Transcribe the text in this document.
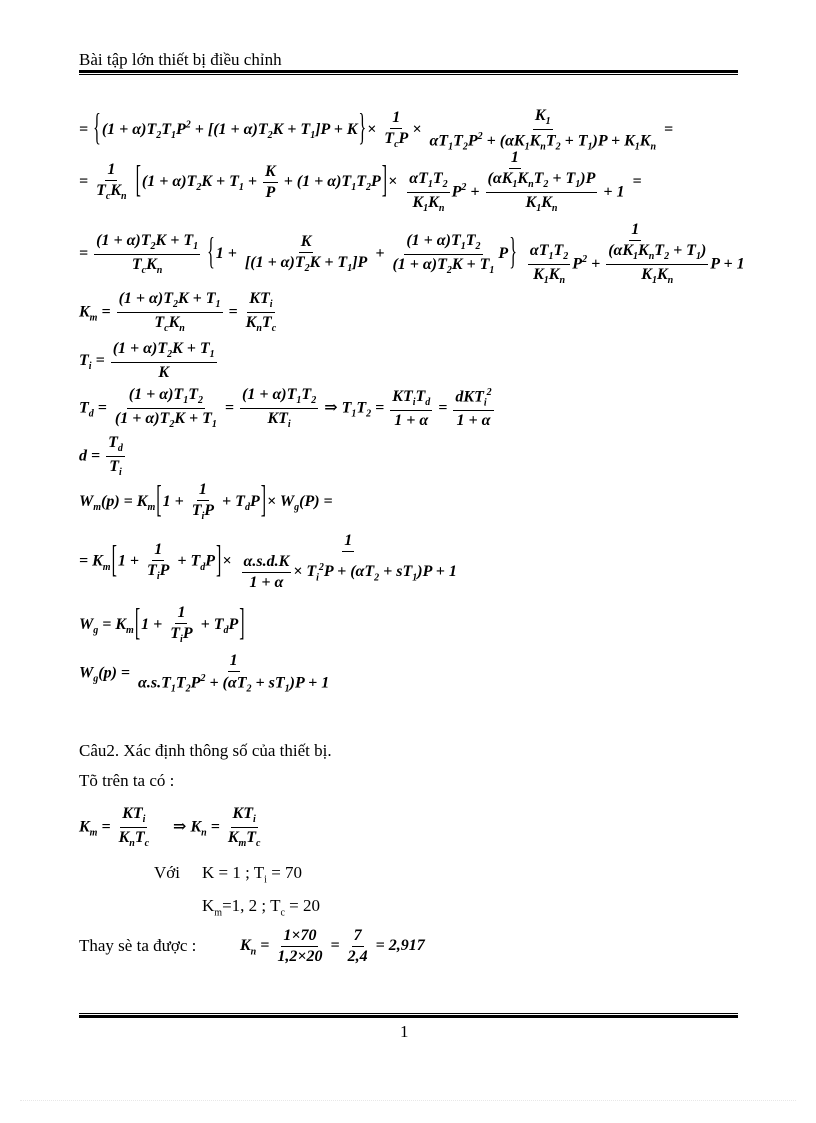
Bài tập lớn thiết bị điều chỉnh
= $\{(1 + \alpha)T_2T_1P^2 + [(1 + \alpha)T_2K + T_1]P + K\}\times$
1
$T_cP$
×
$K_1$
$\alpha T_1T_2P^2 + (\alpha K_1K_nT_2 + T_1)P + K_1K_n$
=
=
1
$T_cK_n$ $[(1 + \alpha)T_2K + T_1 + \frac{K}{P} + (1 + \alpha)T_1T_2P]\times$
1
$\frac{\alpha T_1T_2}{K_1K_n} P^2$ +
$(\alpha K_1K_nT_2 + T_1)P$
$K_1K_n$
+ 1
=
=
$(1 + \alpha)T_2K + T_1$
$T_cK_n$	$\{1 + \frac{K}{[(1 + \alpha)T_2K + T_1]P} + \frac{(1 + \alpha)T_1T_2}{(1 + \alpha)T_2K + T_1} P\}$
1
$\frac{\alpha T_1T_2}{K_1K_n} P^2$ +
$(\alpha K_1K_nT_2 + T_1)$
$K_1K_n$
P + 1
$K_m$ =
$(1 + \alpha)T_2K + T_1$
$T_cK_n$
=
$KT_i$
$K_nT_c$
$T_i = \frac{(1 + \alpha)T_2K + T_1}{K}$
$T_d = \frac{(1 + \alpha)T_1T_2}{(1 + \alpha)T_2K + T_1}$ =
$(1 + \alpha)T_1T_2$
$KT_i$
⇒ $T_1T_2$ =
$KT_iT_d$
1 + α
=
dKT$_i^2$
1 + α
$d = \frac{T_d}{T_i}$
$W_m(p) = K_m[1$ +
1
$T_iP$
+ $T_dP]\times W_g(P)$ =
= $K_m[1$ +
1
$T_iP$
+ $T_dP]\times \frac{1}{\frac{\alpha.s.d.K}{1 + \alpha} \times T_i^2P + (\alpha T_2 + sT_1)P + 1}$
$W_g = K_m[1$ +
1
$T_iP$
+ $T_dP$]
$W_g(p) = \frac{1}{\alpha.s.T_1T_2P^2 + (\alpha T_2 + sT_1)P + 1}$
Câu2. Xác định thông số của thiết bị.
Tõ trên ta có :
$K_m$ =
$KT_i$
$K_nT_c$
⇒ $K_n$ =
$KT_i$
$K_mT_c$
Với K = 1 ; $T_i = 70$
$K_m=1$, 2 ; $T_c = 20$
Thay sè ta được :	$K_n = \frac{1\times 70}{1,2\times 20} = \frac{7}{2,4} = 2,917$
1
